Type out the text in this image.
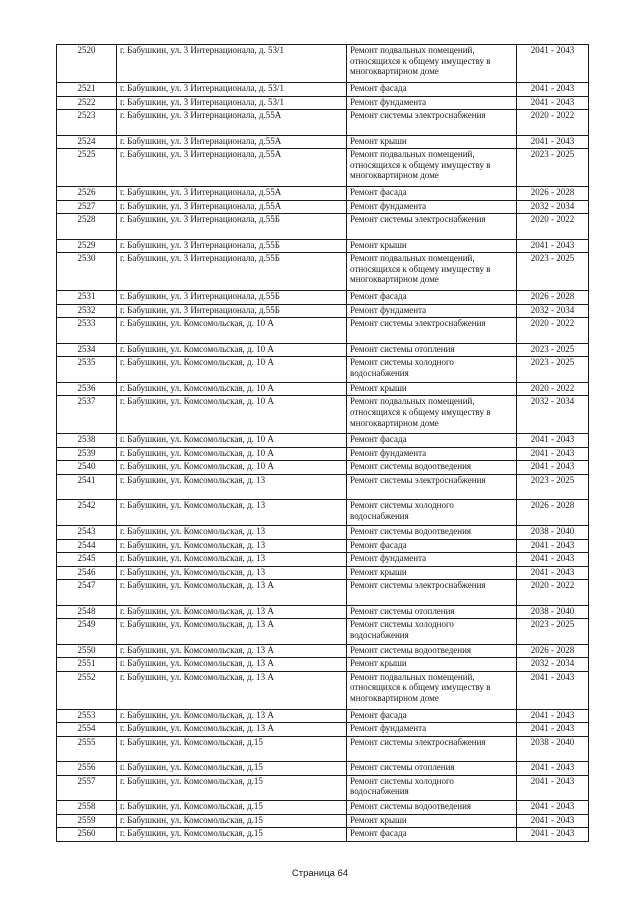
2520	г. Бабушкин, ул. 3 Интернационала, д. 53/1	Ремонт подвальных помещений, относящихся к общему имуществу в многоквартирном доме	2041 - 2043
2521	г. Бабушкин, ул. 3 Интернационала, д. 53/1	Ремонт фасада	2041 - 2043
2522	г. Бабушкин, ул. 3 Интернационала, д. 53/1	Ремонт фундамента	2041 - 2043
2523	г. Бабушкин, ул. 3 Интернационала, д.55А	Ремонт системы электроснабжения	2020 - 2022
2524	г. Бабушкин, ул. 3 Интернационала, д.55А	Ремонт крыши	2041 - 2043
2525	г. Бабушкин, ул. 3 Интернационала, д.55А	Ремонт подвальных помещений, относящихся к общему имуществу в многоквартирном доме	2023 - 2025
2526	г. Бабушкин, ул. 3 Интернационала, д.55А	Ремонт фасада	2026 - 2028
2527	г. Бабушкин, ул. 3 Интернационала, д.55А	Ремонт фундамента	2032 - 2034
2528	г. Бабушкин, ул. 3 Интернационала, д.55Б	Ремонт системы электроснабжения	2020 - 2022
2529	г. Бабушкин, ул. 3 Интернационала, д.55Б	Ремонт крыши	2041 - 2043
2530	г. Бабушкин, ул. 3 Интернационала, д.55Б	Ремонт подвальных помещений, относящихся к общему имуществу в многоквартирном доме	2023 - 2025
2531	г. Бабушкин, ул. 3 Интернационала, д.55Б	Ремонт фасада	2026 - 2028
2532	г. Бабушкин, ул. 3 Интернационала, д.55Б	Ремонт фундамента	2032 - 2034
2533	г. Бабушкин, ул. Комсомольская, д. 10 А	Ремонт системы электроснабжения	2020 - 2022
2534	г. Бабушкин, ул. Комсомольская, д. 10 А	Ремонт системы отопления	2023 - 2025
2535	г. Бабушкин, ул. Комсомольская, д. 10 А	Ремонт системы холодного водоснабжения	2023 - 2025
2536	г. Бабушкин, ул. Комсомольская, д. 10 А	Ремонт крыши	2020 - 2022
2537	г. Бабушкин, ул. Комсомольская, д. 10 А	Ремонт подвальных помещений, относящихся к общему имуществу в многоквартирном доме	2032 - 2034
2538	г. Бабушкин, ул. Комсомольская, д. 10 А	Ремонт фасада	2041 - 2043
2539	г. Бабушкин, ул. Комсомольская, д. 10 А	Ремонт фундамента	2041 - 2043
2540	г. Бабушкин, ул. Комсомольская, д. 10 А	Ремонт системы водоотведения	2041 - 2043
2541	г. Бабушкин, ул. Комсомольская, д. 13	Ремонт системы электроснабжения	2023 - 2025
2542	г. Бабушкин, ул. Комсомольская, д. 13	Ремонт системы холодного водоснабжения	2026 - 2028
2543	г. Бабушкин, ул. Комсомольская, д. 13	Ремонт системы водоотведения	2038 - 2040
2544	г. Бабушкин, ул. Комсомольская, д. 13	Ремонт фасада	2041 - 2043
2545	г. Бабушкин, ул. Комсомольская, д. 13	Ремонт фундамента	2041 - 2043
2546	г. Бабушкин, ул. Комсомольская, д. 13	Ремонт крыши	2041 - 2043
2547	г. Бабушкин, ул. Комсомольская, д. 13 А	Ремонт системы электроснабжения	2020 - 2022
2548	г. Бабушкин, ул. Комсомольская, д. 13 А	Ремонт системы отопления	2038 - 2040
2549	г. Бабушкин, ул. Комсомольская, д. 13 А	Ремонт системы холодного водоснабжения	2023 - 2025
2550	г. Бабушкин, ул. Комсомольская, д. 13 А	Ремонт системы водоотведения	2026 - 2028
2551	г. Бабушкин, ул. Комсомольская, д. 13 А	Ремонт крыши	2032 - 2034
2552	г. Бабушкин, ул. Комсомольская, д. 13 А	Ремонт подвальных помещений, относящихся к общему имуществу в многоквартирном доме	2041 - 2043
2553	г. Бабушкин, ул. Комсомольская, д. 13 А	Ремонт фасада	2041 - 2043
2554	г. Бабушкин, ул. Комсомольская, д. 13 А	Ремонт фундамента	2041 - 2043
2555	г. Бабушкин, ул. Комсомольская, д.15	Ремонт системы электроснабжения	2038 - 2040
2556	г. Бабушкин, ул. Комсомольская, д.15	Ремонт системы отопления	2041 - 2043
2557	г. Бабушкин, ул. Комсомольская, д.15	Ремонт системы холодного водоснабжения	2041 - 2043
2558	г. Бабушкин, ул. Комсомольская, д.15	Ремонт системы водоотведения	2041 - 2043
2559	г. Бабушкин, ул. Комсомольская, д.15	Ремонт крыши	2041 - 2043
2560	г. Бабушкин, ул. Комсомольская, д.15	Ремонт фасада	2041 - 2043
Страница 64
